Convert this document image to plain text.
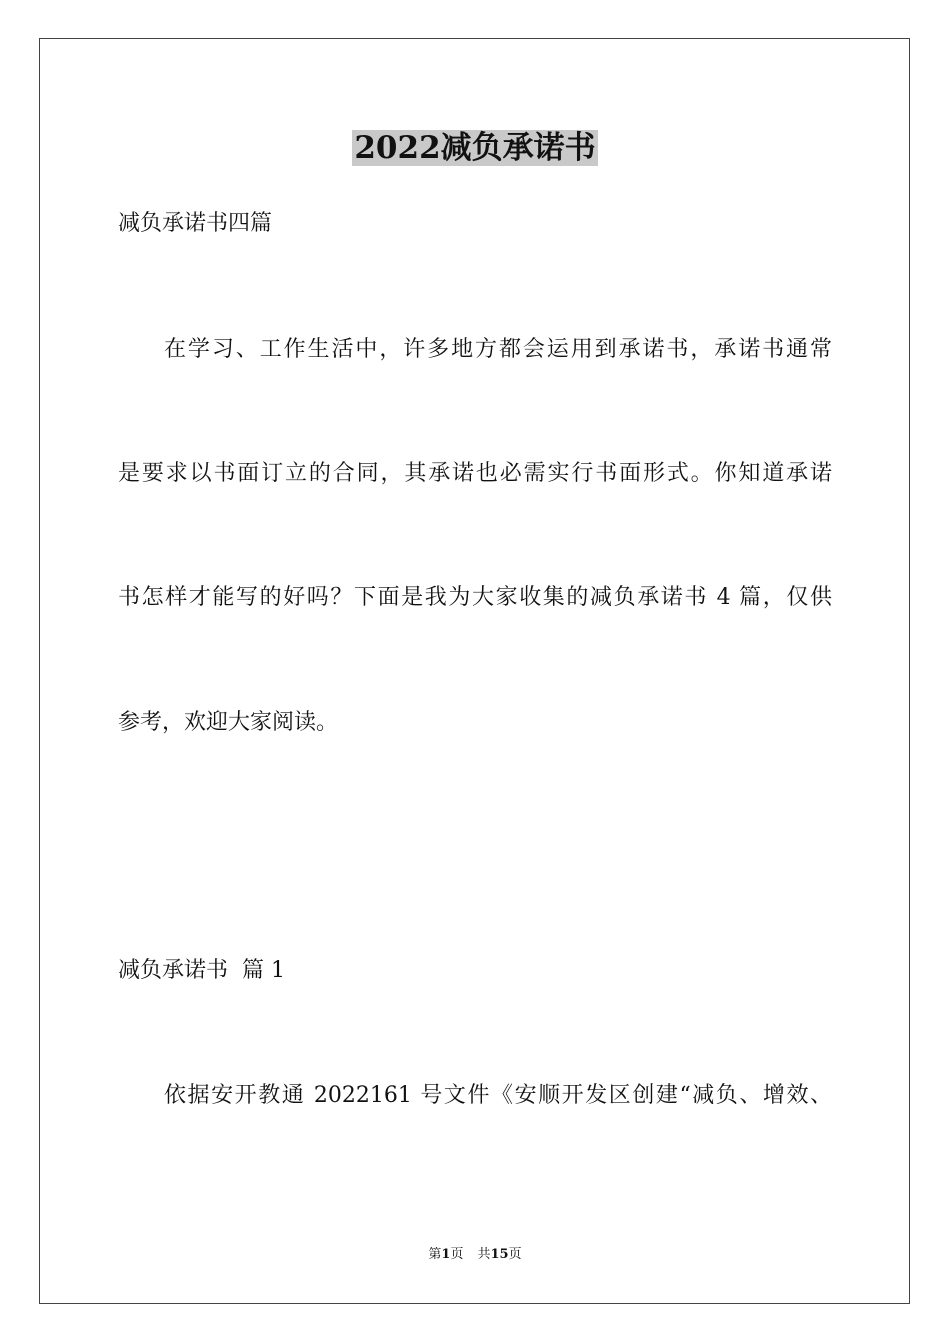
2022减负承诺书
减负承诺书四篇
在学习、工作生活中，许多地方都会运用到承诺书，承诺书通常
是要求以书面订立的合同，其承诺也必需实行书面形式。你知道承诺
书怎样才能写的好吗？下面是我为大家收集的减负承诺书 4 篇，仅供
参考，欢迎大家阅读。
减负承诺书  篇 1
依据安开教通 2022161 号文件《安顺开发区创建“减负、增效、
第1页 共15页
